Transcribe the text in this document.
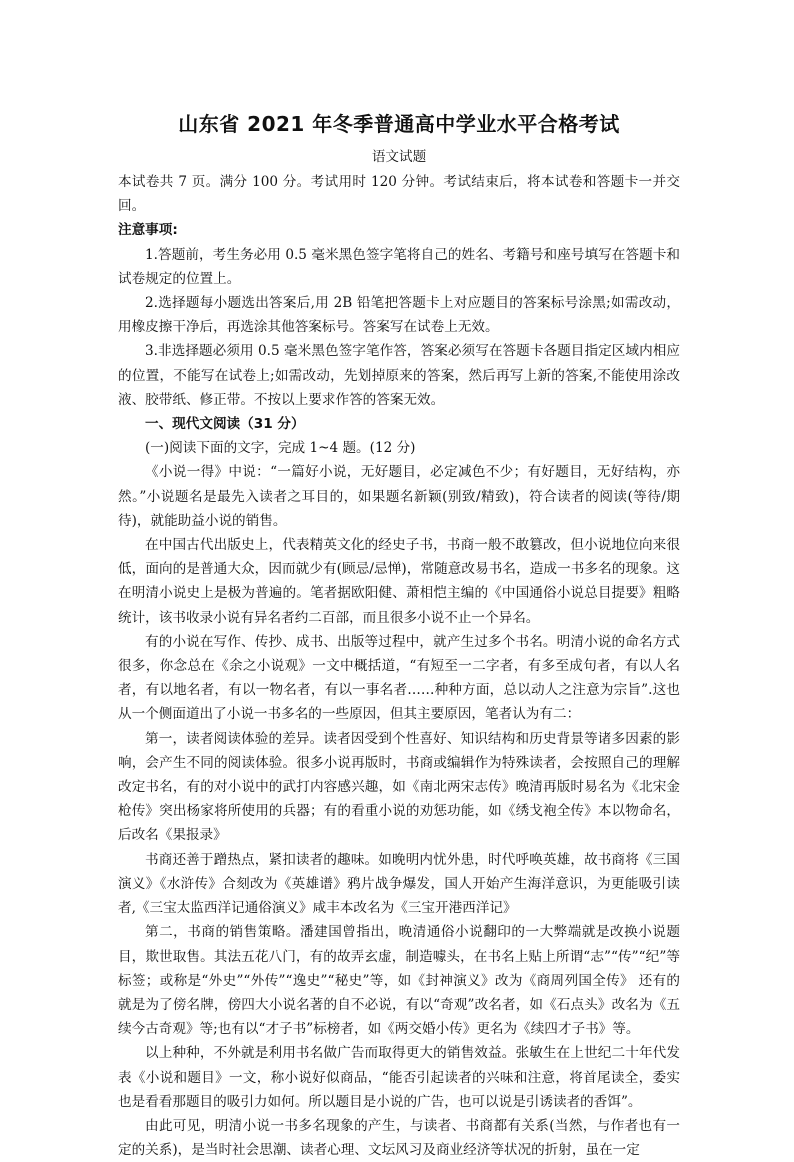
山东省 2021 年冬季普通高中学业水平合格考试
语文试题

本试卷共 7 页。满分 100 分。考试用时 120 分钟。考试结束后，将本试卷和答题卡一并交回。

注意事项:

1.答题前，考生务必用 0.5 毫米黑色签字笔将自己的姓名、考籍号和座号填写在答题卡和试卷规定的位置上。

2.选择题每小题选出答案后,用 2B 铅笔把答题卡上对应题目的答案标号涂黑;如需改动，用橡皮擦干净后，再选涂其他答案标号。答案写在试卷上无效。

3.非选择题必须用 0.5 毫米黑色签字笔作答，答案必须写在答题卡各题目指定区域内相应的位置，不能写在试卷上;如需改动，先划掉原来的答案，然后再写上新的答案,不能使用涂改液、胶带纸、修正带。不按以上要求作答的答案无效。

一、现代文阅读（31 分）

(一)阅读下面的文字，完成 1~4 题。(12 分)

《小说一得》中说：“一篇好小说，无好题目，必定减色不少；有好题目，无好结构，亦然。”小说题名是最先入读者之耳目的，如果题名新颖(别致/精致)，符合读者的阅读(等待/期待)，就能助益小说的销售。

在中国古代出版史上，代表精英文化的经史子书，书商一般不敢篡改，但小说地位向来很低，面向的是普通大众，因而就少有(顾忌/忌惮)，常随意改易书名，造成一书多名的现象。这在明清小说史上是极为普遍的。笔者据欧阳健、萧相恺主编的《中国通俗小说总目提要》粗略统计，该书收录小说有异名者约二百部，而且很多小说不止一个异名。

有的小说在写作、传抄、成书、出版等过程中，就产生过多个书名。明清小说的命名方式很多，你念总在《余之小说观》一文中概括道，“有短至一二字者，有多至成句者，有以人名者，有以地名者，有以一物名者，有以一事名者……种种方面，总以动人之注意为宗旨”.这也从一个侧面道出了小说一书多名的一些原因，但其主要原因，笔者认为有二：

第一，读者阅读体验的差异。读者因受到个性喜好、知识结构和历史背景等诸多因素的影响，会产生不同的阅读体验。很多小说再版时，书商或编辑作为特殊读者，会按照自己的理解改定书名，有的对小说中的武打内容感兴趣，如《南北两宋志传》晚清再版时易名为《北宋金枪传》突出杨家将所使用的兵器；有的看重小说的劝惩功能，如《绣戈袍全传》本以物命名，后改名《果报录》

书商还善于蹭热点，紧扣读者的趣味。如晚明内忧外患，时代呼唤英雄，故书商将《三国演义》《水浒传》合刻改为《英雄谱》鸦片战争爆发，国人开始产生海洋意识，为更能吸引读者,《三宝太监西洋记通俗演义》咸丰本改名为《三宝开港西洋记》

第二，书商的销售策略。潘建国曾指出，晚清通俗小说翻印的一大弊端就是改换小说题目，欺世取售。其法五花八门，有的故弄玄虚，制造噱头，在书名上贴上所谓“志”“传”“纪”等标签；或称是“外史”“外传”“逸史”“秘史”等，如《封神演义》改为《商周列国全传》 还有的就是为了傍名牌，傍四大小说名著的自不必说，有以“奇观”改名者，如《石点头》改名为《五续今古奇观》等;也有以“才子书”标榜者，如《两交婚小传》更名为《续四才子书》等。

以上种种，不外就是利用书名做广告而取得更大的销售效益。张敏生在上世纪二十年代发表《小说和题目》一文，称小说好似商品，“能否引起读者的兴味和注意，将首尾读全，委实也是看看那题目的吸引力如何。所以题目是小说的广告，也可以说是引诱读者的香饵”。

由此可见，明清小说一书多名现象的产生，与读者、书商都有关系(当然，与作者也有一定的关系)，是当时社会思潮、读者心理、文坛风习及商业经济等状况的折射，虽在一定
